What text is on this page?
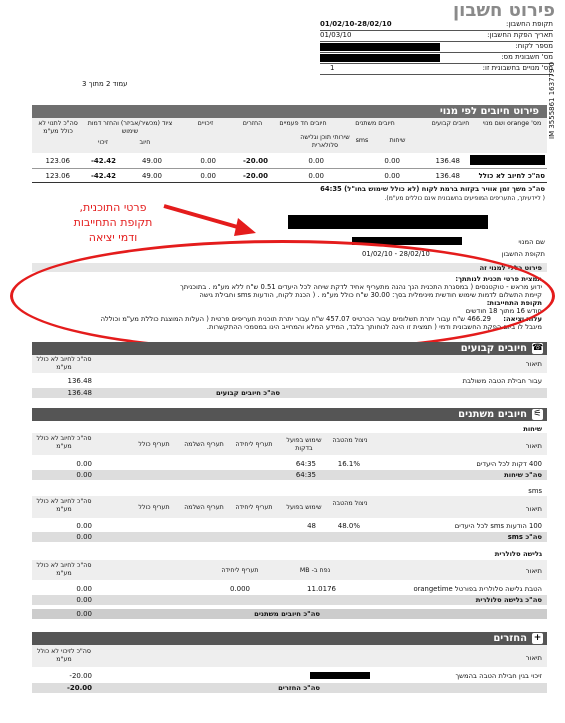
פירוט חשבון
תקופת החשבון:
01/02/10-28/02/10
תאריך הפקת החשבון:
01/03/10
מספר לקוח:
מס' חשבונית מס:
מס' מנויים בחשבונית זו:
1	IM 3555861 163779 0
עמוד 2 מתוך 3
פירוט חיובים לפי מנוי
מס' orange ושם מנוי
חיובים קבועים
חיובים משתנים
שיחות
sms
שירותי תוכן וגלישה סלולארית
חיובים חד פעמיים
החזרים
זיכויים
ציוד (מכשיר/אביזר) והחזר דמות שימוש
חיוב
זיכוי
סה"כ לתנוי לא כולל מע"מ
136.48
0.00
0.00
-20.00
0.00
49.00
-42.42
123.06
סה"כ לחיוב לא כולל
136.48
0.00
0.00
-20.00
0.00
49.00
-42.42
123.06
סה"כ משך זמן אוויר בקזות ברמת לקוח (לא כולל שימוש בחו"ל) 64:35
( ליידעיתך, התעריפים המופיעים בחשבונית אינם כוללים מע"מ).
פרטי התוכנית,
תקופת התחייבות
ודמי יציאה	שם המנוי
תקופת החשבון
01/02/10 - 28/02/10
פירוט כללי למנוי זה
תמצית פרטי תכנית לנותתך:
ידוע מראש - טוקטנסים ( במסגרת התכנית הנך נהנה מתעריף אחיד לדקת שיחה לכל היעדים 0.51 ש"ח ללא מע"מ . בתוכניתך
קיימת התשלום לדמות שימוש חודשית מינימלית בסך: 30.00 ש"ח כולל מע"מ . ( הכנת לקוח, הודעות sms וחבילת גישה
תקופת התחייבות:
חודש 16 מתוך 18 חודשים
עלות יציאה:
466.29 ש"ח עבור יתרת תשלומים עבור הכרטיס 457.07 ש"ח עבור יתרת תוכנית תעריפים פרטית ( העלות המוצגת כוללת מע"מ וכוללה
מיגבל לו ביום הפקת החשבונית ודמי ( תמצית זו הינה לנוחותך בלבד, המידע המלא והמחייב הינו במסמכי ההתקשרות.
☎
חיובים קבועים
תיאור
סה"כ לחיוב לא כולל מע"מ
עבור חבילת הטבה משולבת
136.48
סה"כ חיובים קבועים
136.48
⚟
חיובים משתנים
שיחות
תיאור
ניצול מהטבה
שימוש בפועל בדקות
תעריף ליחידה
תעריף השלמה
תעריף כולל
סה"כ לחיוב לא כולל מע"מ
400 דקות לכל היעדים
16.1%
64:35
0.00
סה"כ שיחות
64:35
0.00
sms
תיאור
ניצול מהטבה
שימוש בפועל
תעריף ליחידה
תעריף השלמה
תעריף כולל
סה"כ לחיוב לא כולל מע"מ
100 הודעות sms לכל היעדים
48.0%
48
0.00
סה"כ sms
0.00
גלישה סלולרית
תיאור
נפח ב- MB
תעריף ליחידה
סה"כ לחיוב לא כולל מע"מ
הטבת גלישה סלולרית בפורטל orangetime
11.0176
0.000
0.00
סה"כ גלישה סלולרית
0.00
סה"כ חיובים משתנים
0.00
+
החזרים
תיאור
סה"כ לזיכוי לא כולל מע"מ
זיכוי בגין חבילת הטבה בהמשך
-20.00
סה"כ החזרים
-20.00
